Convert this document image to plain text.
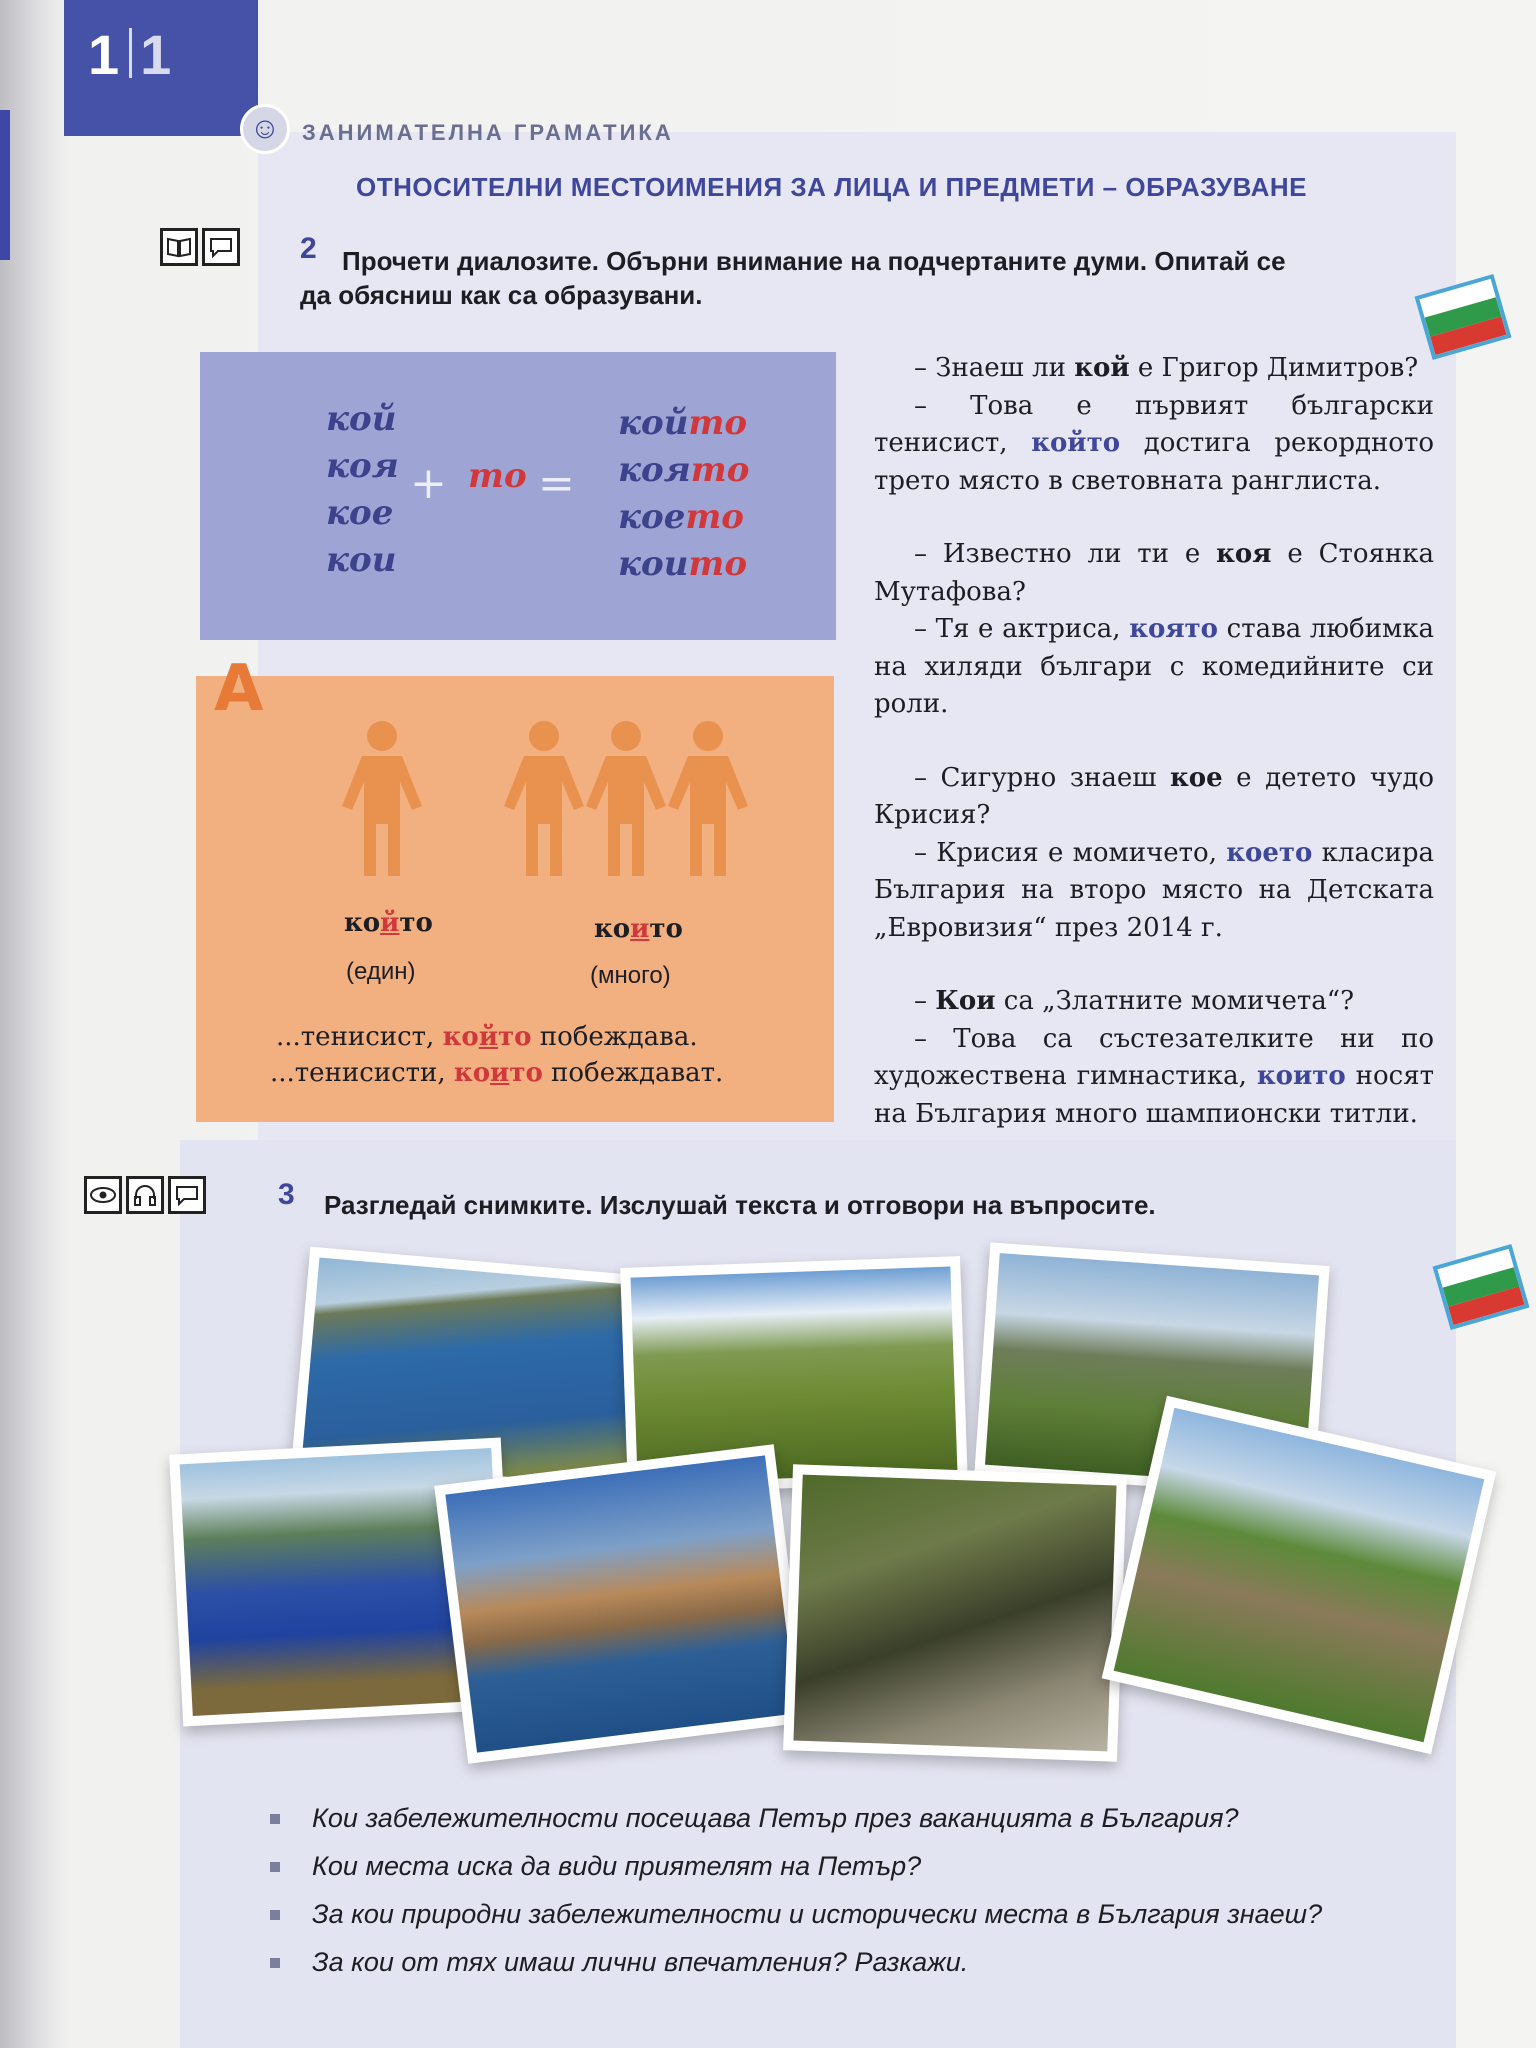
1 1
☺ ЗАНИМАТЕЛНА ГРАМАТИКА
ОТНОСИТЕЛНИ МЕСТОИМЕНИЯ ЗА ЛИЦА И ПРЕДМЕТИ – ОБРАЗУВАНЕ
2 Прочети диалозите. Обърни внимание на подчертаните думи. Опитай се
да обясниш как са образувани.
кой
коя
кое
кои
+ то =
който
която
което
които
A
който	които
(един)	(много)
...тенисист, който побеждава.
...тенисисти, които побеждават.

– Знаеш ли кой е Григор Димитров?

– Това е първият български тенисист, който достига рекордното трето място в световната ранглиста.

– Известно ли ти е коя е Стоянка Мутафова?

– Тя е актриса, която става любимка на хиляди българи с комедийните си роли.

– Сигурно знаеш кое е детето чудо Крисия?

– Крисия е момичето, което класира България на второ място на Детската „Евровизия“ през 2014 г.

– Кои са „Златните момичета“?

– Това са състезателките ни по художествена гимнастика, които носят на България много шампионски титли.

3 Разгледай снимките. Изслушай текста и отговори на въпросите.
Кои забележителности посещава Петър през ваканцията в България?
Кои места иска да види приятелят на Петър?
За кои природни забележителности и исторически места в България знаеш?
За кои от тях имаш лични впечатления? Разкажи.
